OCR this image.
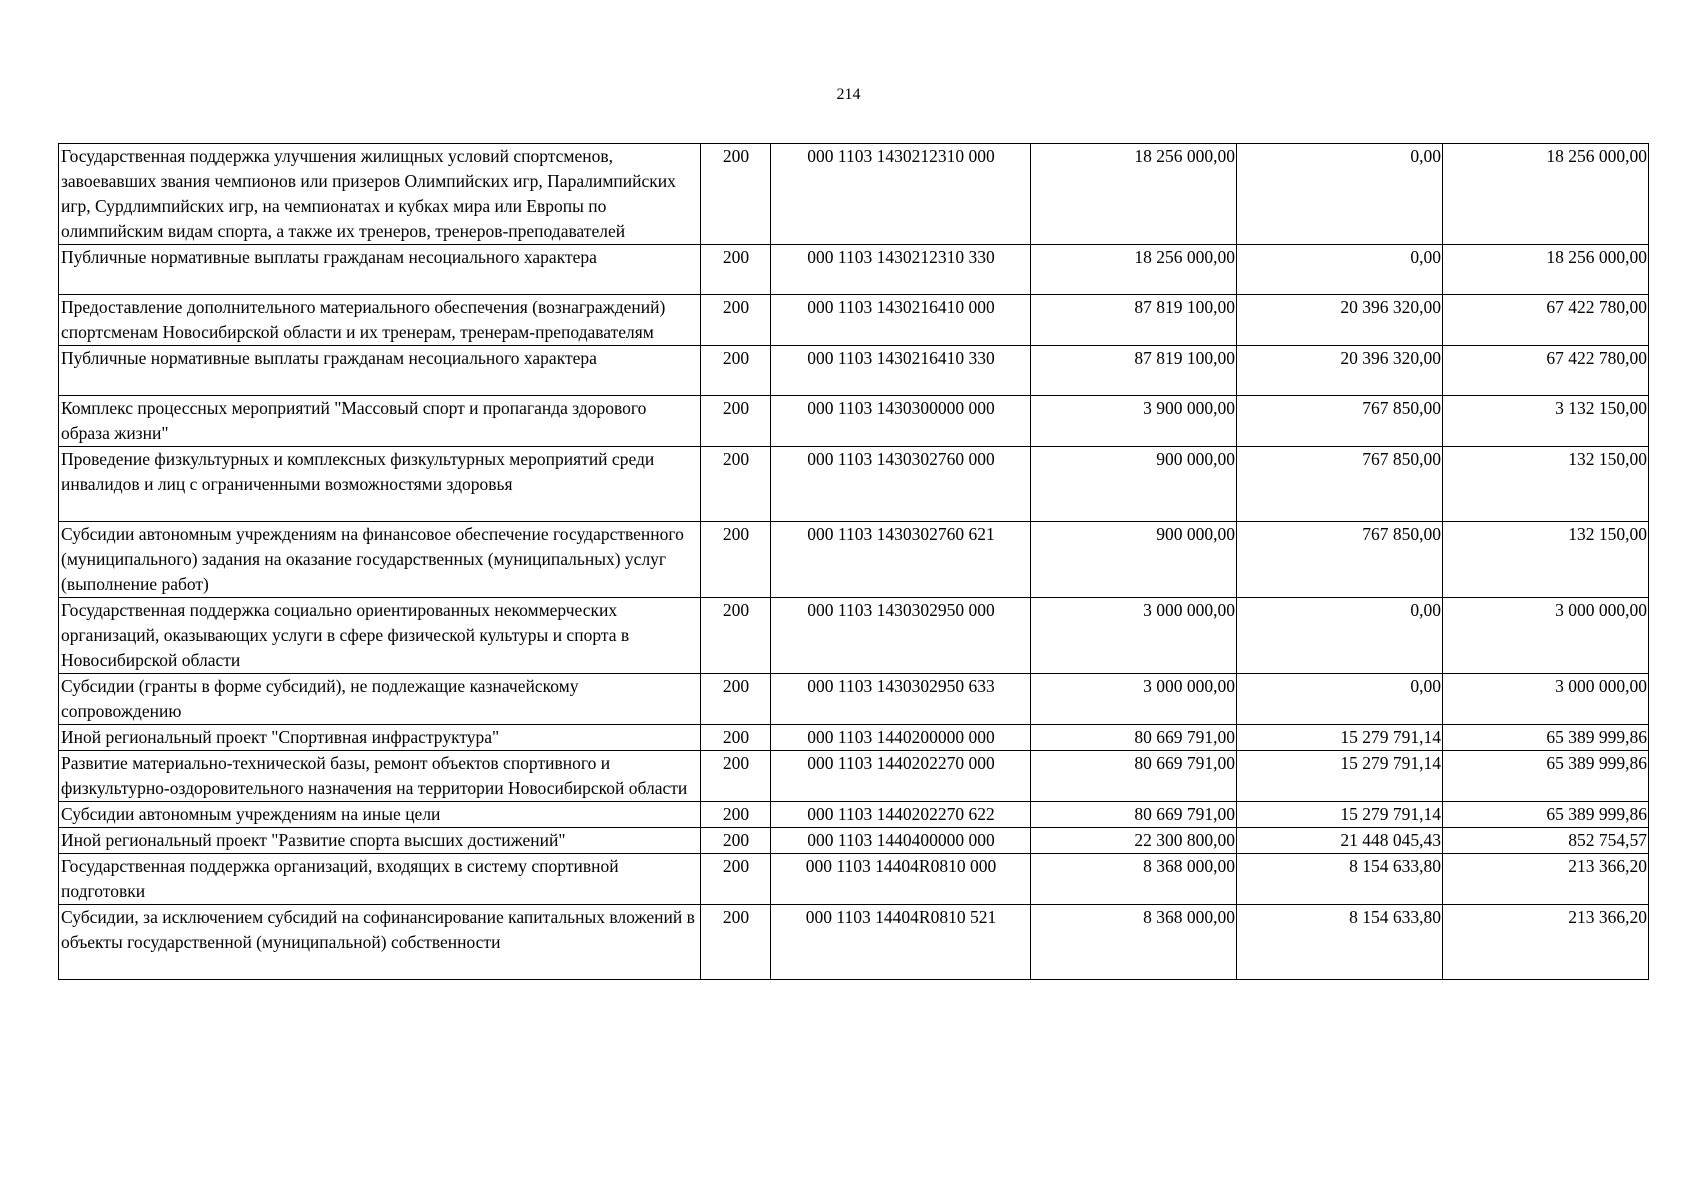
214
Государственная поддержка улучшения жилищных условий спортсменов, завоевавших звания чемпионов или призеров Олимпийских игр, Паралимпийских игр, Сурдлимпийских игр, на чемпионатах и кубках мира или Европы по олимпийским видам спорта, а также их тренеров, тренеров-преподавателей	200	000 1103 1430212310 000	18 256 000,00	0,00	18 256 000,00
Публичные нормативные выплаты гражданам несоциального характера	200	000 1103 1430212310 330	18 256 000,00	0,00	18 256 000,00
Предоставление дополнительного материального обеспечения (вознаграждений) спортсменам Новосибирской области и их тренерам, тренерам-преподавателям	200	000 1103 1430216410 000	87 819 100,00	20 396 320,00	67 422 780,00
Публичные нормативные выплаты гражданам несоциального характера	200	000 1103 1430216410 330	87 819 100,00	20 396 320,00	67 422 780,00
Комплекс процессных мероприятий "Массовый спорт и пропаганда здорового образа жизни"	200	000 1103 1430300000 000	3 900 000,00	767 850,00	3 132 150,00
Проведение физкультурных и комплексных физкультурных мероприятий среди инвалидов и лиц с ограниченными возможностями здоровья	200	000 1103 1430302760 000	900 000,00	767 850,00	132 150,00
Субсидии автономным учреждениям на финансовое обеспечение государственного (муниципального) задания на оказание государственных (муниципальных) услуг (выполнение работ)	200	000 1103 1430302760 621	900 000,00	767 850,00	132 150,00
Государственная поддержка социально ориентированных некоммерческих организаций, оказывающих услуги в сфере физической культуры и спорта в Новосибирской области	200	000 1103 1430302950 000	3 000 000,00	0,00	3 000 000,00
Субсидии (гранты в форме субсидий), не подлежащие казначейскому сопровождению	200	000 1103 1430302950 633	3 000 000,00	0,00	3 000 000,00
Иной региональный проект "Спортивная инфраструктура"	200	000 1103 1440200000 000	80 669 791,00	15 279 791,14	65 389 999,86
Развитие материально-технической базы, ремонт объектов спортивного и физкультурно-оздоровительного назначения на территории Новосибирской области	200	000 1103 1440202270 000	80 669 791,00	15 279 791,14	65 389 999,86
Субсидии автономным учреждениям на иные цели	200	000 1103 1440202270 622	80 669 791,00	15 279 791,14	65 389 999,86
Иной региональный проект "Развитие спорта высших достижений"	200	000 1103 1440400000 000	22 300 800,00	21 448 045,43	852 754,57
Государственная поддержка организаций, входящих в систему спортивной подготовки	200	000 1103 14404R0810 000	8 368 000,00	8 154 633,80	213 366,20
Субсидии, за исключением субсидий на софинансирование капитальных вложений в объекты государственной (муниципальной) собственности	200	000 1103 14404R0810 521	8 368 000,00	8 154 633,80	213 366,20
